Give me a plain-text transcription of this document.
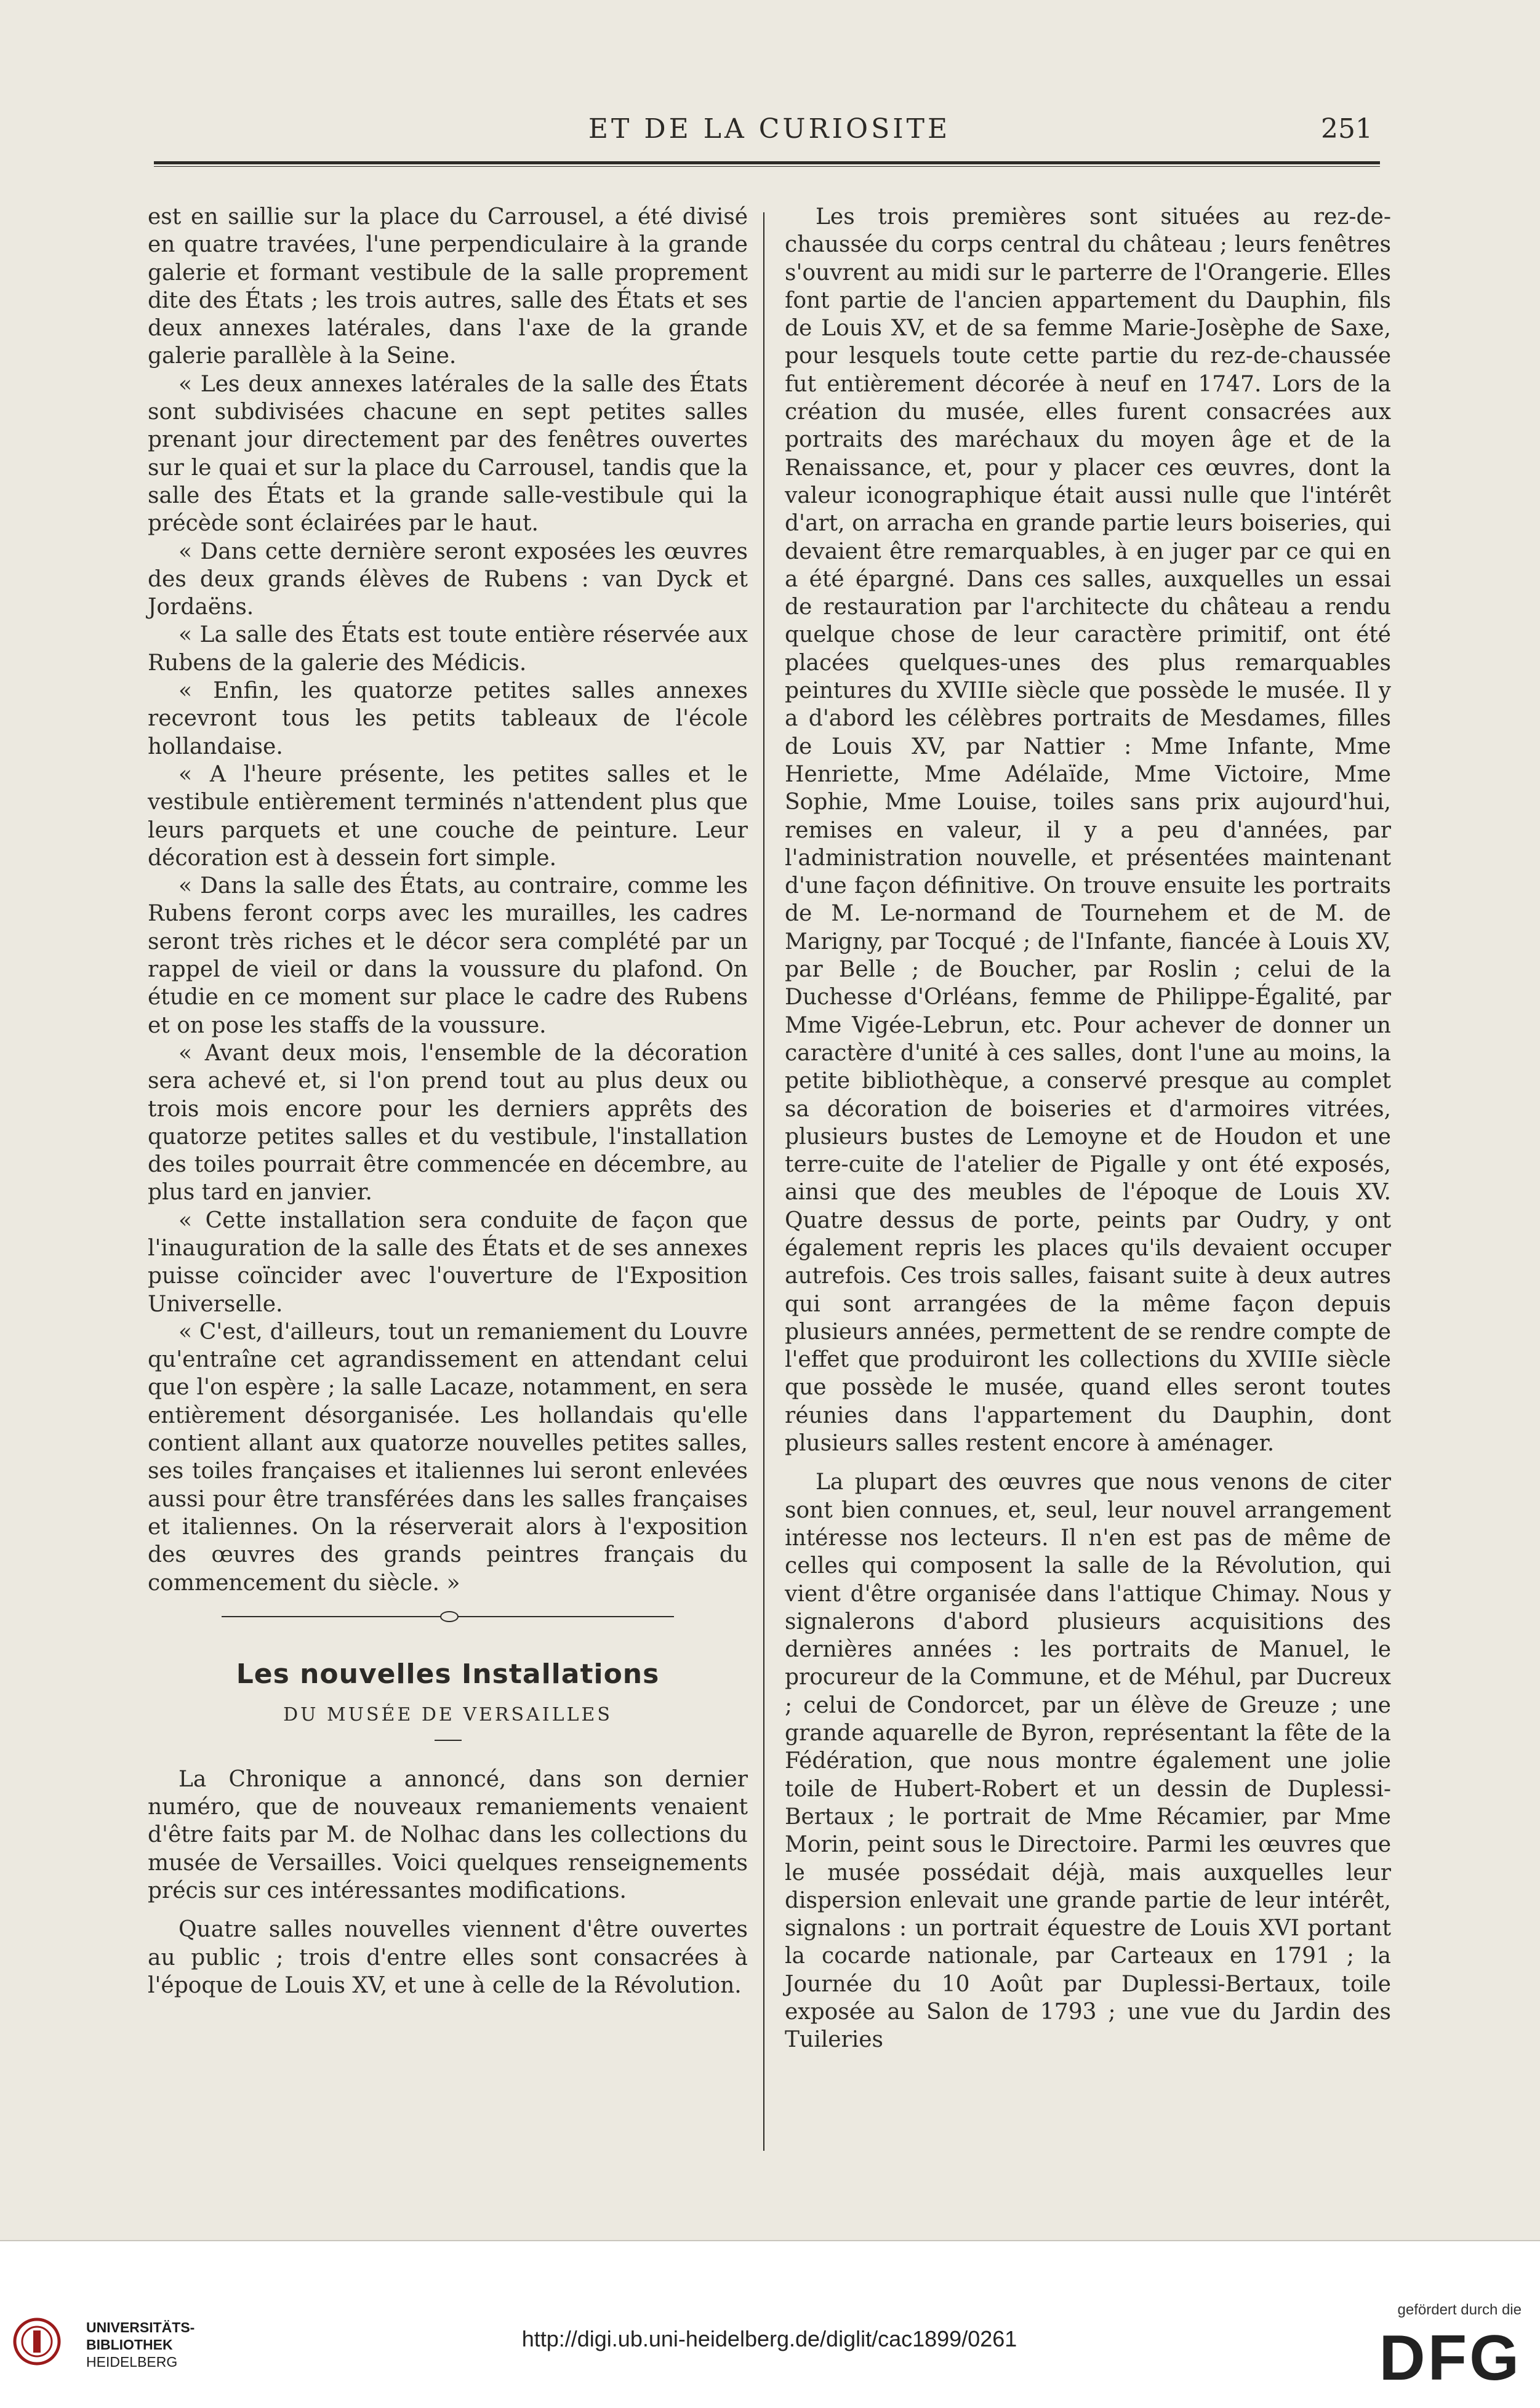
ET DE LA CURIOSITE	251

est en saillie sur la place du Carrousel, a été divisé en quatre travées, l'une perpendiculaire à la grande galerie et formant vestibule de la salle proprement dite des États ; les trois autres, salle des États et ses deux annexes latérales, dans l'axe de la grande galerie parallèle à la Seine.

« Les deux annexes latérales de la salle des États sont subdivisées chacune en sept petites salles prenant jour directement par des fenêtres ouvertes sur le quai et sur la place du Carrousel, tandis que la salle des États et la grande salle-vestibule qui la précède sont éclairées par le haut.

« Dans cette dernière seront exposées les œuvres des deux grands élèves de Rubens : van Dyck et Jordaëns.

« La salle des États est toute entière réservée aux Rubens de la galerie des Médicis.

« Enfin, les quatorze petites salles annexes recevront tous les petits tableaux de l'école hollandaise.

« A l'heure présente, les petites salles et le vestibule entièrement terminés n'attendent plus que leurs parquets et une couche de peinture. Leur décoration est à dessein fort simple.

« Dans la salle des États, au contraire, comme les Rubens feront corps avec les murailles, les cadres seront très riches et le décor sera complété par un rappel de vieil or dans la voussure du plafond. On étudie en ce moment sur place le cadre des Rubens et on pose les staffs de la voussure.

« Avant deux mois, l'ensemble de la décoration sera achevé et, si l'on prend tout au plus deux ou trois mois encore pour les derniers apprêts des quatorze petites salles et du vestibule, l'installation des toiles pourrait être commencée en décembre, au plus tard en janvier.

« Cette installation sera conduite de façon que l'inauguration de la salle des États et de ses annexes puisse coïncider avec l'ouverture de l'Exposition Universelle.

« C'est, d'ailleurs, tout un remaniement du Louvre qu'entraîne cet agrandissement en attendant celui que l'on espère ; la salle Lacaze, notamment, en sera entièrement désorganisée. Les hollandais qu'elle contient allant aux quatorze nouvelles petites salles, ses toiles françaises et italiennes lui seront enlevées aussi pour être transférées dans les salles françaises et italiennes. On la réserverait alors à l'exposition des œuvres des grands peintres français du commencement du siècle. »

Les nouvelles Installations
DU MUSÉE DE VERSAILLES

La Chronique a annoncé, dans son dernier numéro, que de nouveaux remaniements venaient d'être faits par M. de Nolhac dans les collections du musée de Versailles. Voici quelques renseignements précis sur ces intéressantes modifications.

Quatre salles nouvelles viennent d'être ouvertes au public ; trois d'entre elles sont consacrées à l'époque de Louis XV, et une à celle de la Révolution.

Les trois premières sont situées au rez-de-chaussée du corps central du château ; leurs fenêtres s'ouvrent au midi sur le parterre de l'Orangerie. Elles font partie de l'ancien appartement du Dauphin, fils de Louis XV, et de sa femme Marie-Josèphe de Saxe, pour lesquels toute cette partie du rez-de-chaussée fut entièrement décorée à neuf en 1747. Lors de la création du musée, elles furent consacrées aux portraits des maréchaux du moyen âge et de la Renaissance, et, pour y placer ces œuvres, dont la valeur iconographique était aussi nulle que l'intérêt d'art, on arracha en grande partie leurs boiseries, qui devaient être remarquables, à en juger par ce qui en a été épargné. Dans ces salles, auxquelles un essai de restauration par l'architecte du château a rendu quelque chose de leur caractère primitif, ont été placées quelques-unes des plus remarquables peintures du XVIIIe siècle que possède le musée. Il y a d'abord les célèbres portraits de Mesdames, filles de Louis XV, par Nattier : Mme Infante, Mme Henriette, Mme Adélaïde, Mme Victoire, Mme Sophie, Mme Louise, toiles sans prix aujourd'hui, remises en valeur, il y a peu d'années, par l'administration nouvelle, et présentées maintenant d'une façon définitive. On trouve ensuite les portraits de M. Le-normand de Tournehem et de M. de Marigny, par Tocqué ; de l'Infante, fiancée à Louis XV, par Belle ; de Boucher, par Roslin ; celui de la Duchesse d'Orléans, femme de Philippe-Égalité, par Mme Vigée-Lebrun, etc. Pour achever de donner un caractère d'unité à ces salles, dont l'une au moins, la petite bibliothèque, a conservé presque au complet sa décoration de boiseries et d'armoires vitrées, plusieurs bustes de Lemoyne et de Houdon et une terre-cuite de l'atelier de Pigalle y ont été exposés, ainsi que des meubles de l'époque de Louis XV. Quatre dessus de porte, peints par Oudry, y ont également repris les places qu'ils devaient occuper autrefois. Ces trois salles, faisant suite à deux autres qui sont arrangées de la même façon depuis plusieurs années, permettent de se rendre compte de l'effet que produiront les collections du XVIIIe siècle que possède le musée, quand elles seront toutes réunies dans l'appartement du Dauphin, dont plusieurs salles restent encore à aménager.

La plupart des œuvres que nous venons de citer sont bien connues, et, seul, leur nouvel arrangement intéresse nos lecteurs. Il n'en est pas de même de celles qui composent la salle de la Révolution, qui vient d'être organisée dans l'attique Chimay. Nous y signalerons d'abord plusieurs acquisitions des dernières années : les portraits de Manuel, le procureur de la Commune, et de Méhul, par Ducreux ; celui de Condorcet, par un élève de Greuze ; une grande aquarelle de Byron, représentant la fête de la Fédération, que nous montre également une jolie toile de Hubert-Robert et un dessin de Duplessi-Bertaux ; le portrait de Mme Récamier, par Mme Morin, peint sous le Directoire. Parmi les œuvres que le musée possédait déjà, mais auxquelles leur dispersion enlevait une grande partie de leur intérêt, signalons : un portrait équestre de Louis XVI portant la cocarde nationale, par Carteaux en 1791 ; la Journée du 10 Août par Duplessi-Bertaux, toile exposée au Salon de 1793 ; une vue du Jardin des Tuileries

UNIVERSITÄTS-
BIBLIOTHEK
HEIDELBERG
http://digi.ub.uni-heidelberg.de/diglit/cac1899/0261
gefördert durch die
DFG
